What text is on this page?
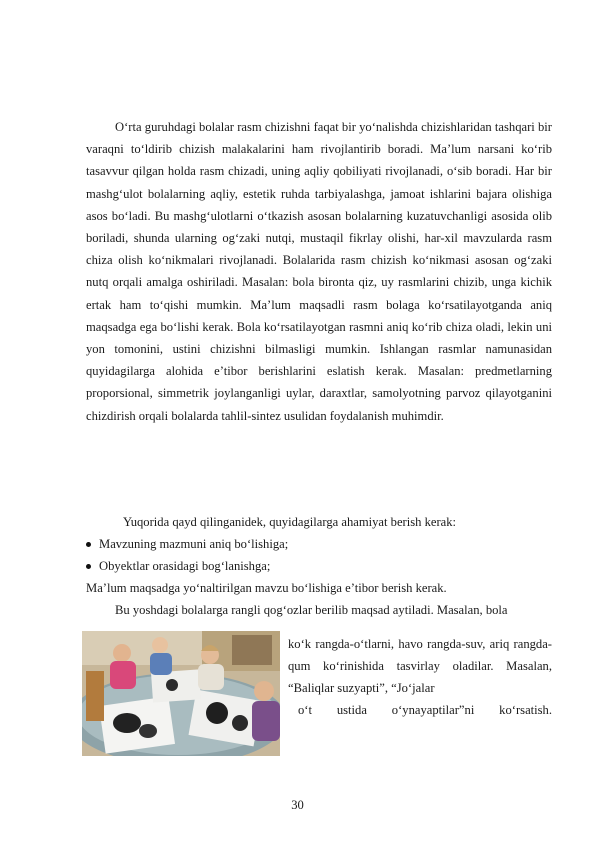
O‘rta guruhdagi bolalar rasm chizishni faqat bir yo‘nalishda chizishlaridan tashqari bir varaqni to‘ldirib chizish malakalarini ham rivojlantirib boradi. Ma’lum narsani ko‘rib tasavvur qilgan holda rasm chizadi, uning aqliy qobiliyati rivojlanadi, o‘sib boradi. Har bir mashg‘ulot bolalarning aqliy, estetik ruhda tarbiyalashga, jamoat ishlarini bajara olishiga asos bo‘ladi. Bu mashg‘ulotlarni o‘tkazish asosan bolalarning kuzatuvchanligi asosida olib boriladi, shunda ularning og‘zaki nutqi, mustaqil fikrlay olishi, har-xil mavzularda rasm chiza olish ko‘nikmalari rivojlanadi. Bolalarida rasm chizish ko‘nikmasi asosan og‘zaki nutq orqali amalga oshiriladi. Masalan: bola bironta qiz, uy rasmlarini chizib, unga kichik ertak ham to‘qishi mumkin. Ma’lum maqsadli rasm bolaga ko‘rsatilayotganda aniq maqsadga ega bo‘lishi kerak. Bola ko‘rsatilayotgan rasmni aniq ko‘rib chiza oladi, lekin uni yon tomonini, ustini chizishni bilmasligi mumkin. Ishlangan rasmlar namunasidan quyidagilarga alohida e’tibor berishlarini eslatish kerak. Masalan: predmetlarning proporsional, simmetrik joylanganligi uylar, daraxtlar, samolyotning parvoz qilayotganini chizdirish orqali bolalarda tahlil-sintez usulidan foydalanish muhimdir.

Yuqorida qayd qilinganidek, quyidagilarga ahamiyat berish kerak:

Mavzuning mazmuni aniq bo‘lishiga;
Obyektlar orasidagi bog‘lanishga;

Ma’lum maqsadga yo‘naltirilgan mavzu bo‘lishiga e’tibor berish kerak.

Bu yoshdagi bolalarga rangli qog‘ozlar berilib maqsad aytiladi. Masalan, bola

ko‘k rangda-o‘tlarni, havo rangda-suv, ariq rangda-qum ko‘rinishida tasvirlay oladilar. Masalan, “Baliqlar suzyapti”, “Jo‘jalar

o‘t ustida o‘ynayaptilar”ni ko‘rsatish.

30
